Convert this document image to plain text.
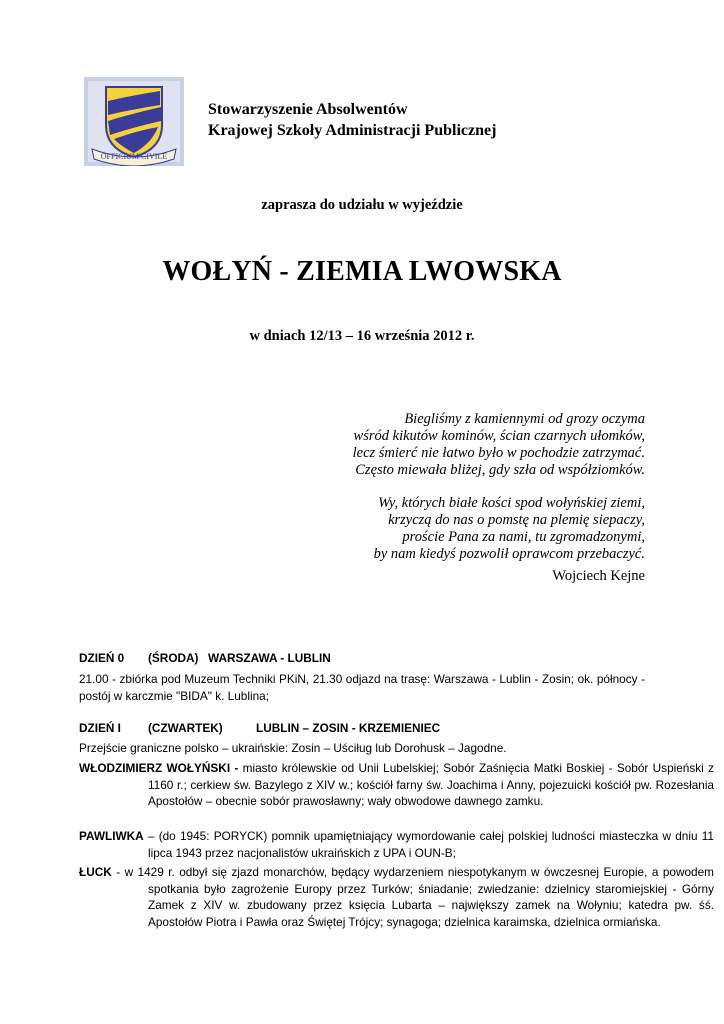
OFFICIUM CIVILE
Stowarzyszenie Absolwentów
Krajowej Szkoły Administracji Publicznej
zaprasza do udziału w wyjeździe
WOŁYŃ - ZIEMIA LWOWSKA
w dniach 12/13 – 16 września 2012 r.
Biegliśmy z kamiennymi od grozy oczyma
wśród kikutów kominów, ścian czarnych ułomków,
lecz śmierć nie łatwo było w pochodzie zatrzymać.
Często miewała bliżej, gdy szła od współziomków.
Wy, których białe kości spod wołyńskiej ziemi,
krzyczą do nas o pomstę na plemię siepaczy,
proście Pana za nami, tu zgromadzonymi,
by nam kiedyś pozwolił oprawcom przebaczyć.
Wojciech Kejne
DZIEŃ 0 (ŚRODA) WARSZAWA - LUBLIN
21.00 - zbiórka pod Muzeum Techniki PKiN, 21.30 odjazd na trasę: Warszawa - Lublin - Zosin; ok. północy - postój w karczmie "BIDA" k. Lublina;
DZIEŃ I (CZWARTEK)	LUBLIN – ZOSIN - KRZEMIENIEC
Przejście graniczne polsko – ukraińskie: Zosin – Uściług lub Dorohusk – Jagodne.
WŁODZIMIERZ WOŁYŃSKI - miasto królewskie od Unii Lubelskiej; Sobór Zaśnięcia Matki Boskiej - Sobór Uspieński z 1160 r.; cerkiew św. Bazylego z XIV w.; kościół farny św. Joachima i Anny, pojezuicki kościół pw. Rozesłania Apostołów – obecnie sobór prawosławny; wały obwodowe dawnego zamku.
PAWLIWKA – (do 1945: PORYCK) pomnik upamiętniający wymordowanie całej polskiej ludności miasteczka w dniu 11 lipca 1943 przez nacjonalistów ukraińskich z UPA i OUN-B;
ŁUCK - w 1429 r. odbył się zjazd monarchów, będący wydarzeniem niespotykanym w ówczesnej Europie, a powodem spotkania było zagrożenie Europy przez Turków; śniadanie; zwiedzanie: dzielnicy staromiejskiej - Górny Zamek z XIV w. zbudowany przez księcia Lubarta – największy zamek na Wołyniu; katedra pw. śś. Apostołów Piotra i Pawła oraz Świętej Trójcy; synagoga; dzielnica karaimska, dzielnica ormiańska.
